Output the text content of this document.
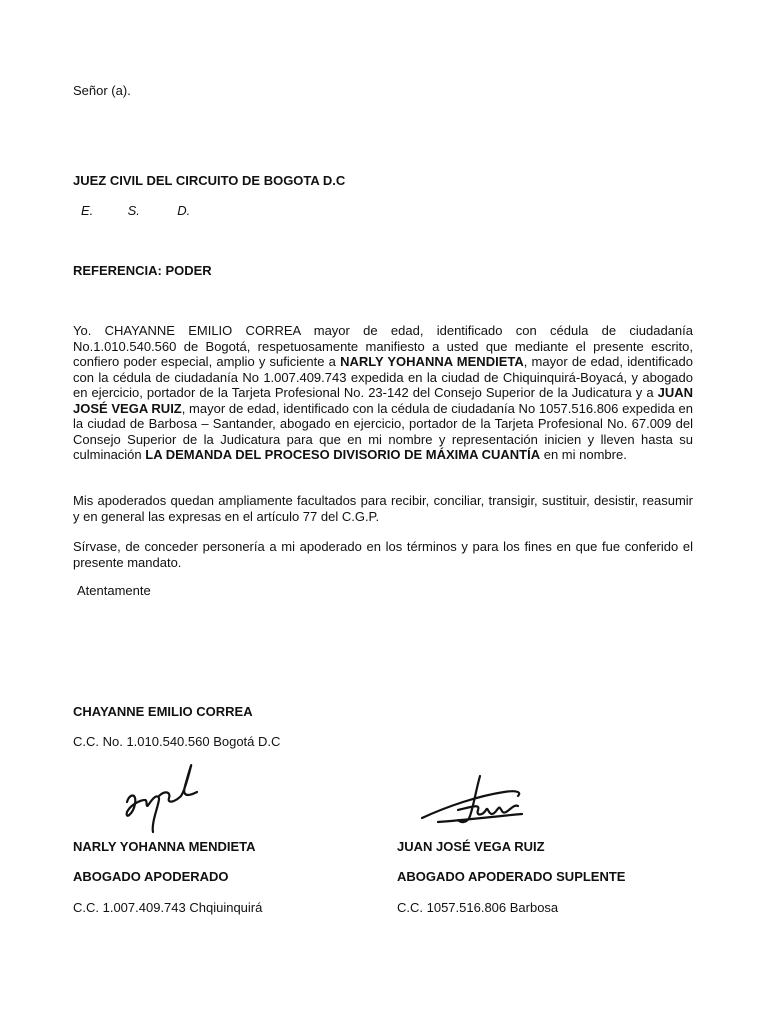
Señor (a).
JUEZ CIVIL DEL CIRCUITO DE BOGOTA D.C
E.	S.	D.
REFERENCIA: PODER
Yo. CHAYANNE EMILIO CORREA mayor de edad, identificado con cédula de ciudadanía No.1.010.540.560 de Bogotá, respetuosamente manifiesto a usted que mediante el presente escrito, confiero poder especial, amplio y suficiente a NARLY YOHANNA MENDIETA, mayor de edad, identificado con la cédula de ciudadanía No 1.007.409.743 expedida en la ciudad de Chiquinquirá-Boyacá, y abogado en ejercicio, portador de la Tarjeta Profesional No. 23-142 del Consejo Superior de la Judicatura y a JUAN JOSÉ VEGA RUIZ, mayor de edad, identificado con la cédula de ciudadanía No 1057.516.806 expedida en la ciudad de Barbosa – Santander, abogado en ejercicio, portador de la Tarjeta Profesional No. 67.009 del Consejo Superior de la Judicatura para que en mi nombre y representación inicien y lleven hasta su culminación LA DEMANDA DEL PROCESO DIVISORIO DE MÁXIMA CUANTÍA en mi nombre.
Mis apoderados quedan ampliamente facultados para recibir, conciliar, transigir, sustituir, desistir, reasumir y en general las expresas en el artículo 77 del C.G.P.
Sírvase, de conceder personería a mi apoderado en los términos y para los fines en que fue conferido el presente mandato.
Atentamente
CHAYANNE EMILIO CORREA
C.C. No. 1.010.540.560 Bogotá D.C
NARLY YOHANNA MENDIETA
ABOGADO APODERADO
C.C. 1.007.409.743 Chqiuinquirá
JUAN JOSÉ VEGA RUIZ
ABOGADO APODERADO SUPLENTE
C.C. 1057.516.806 Barbosa
